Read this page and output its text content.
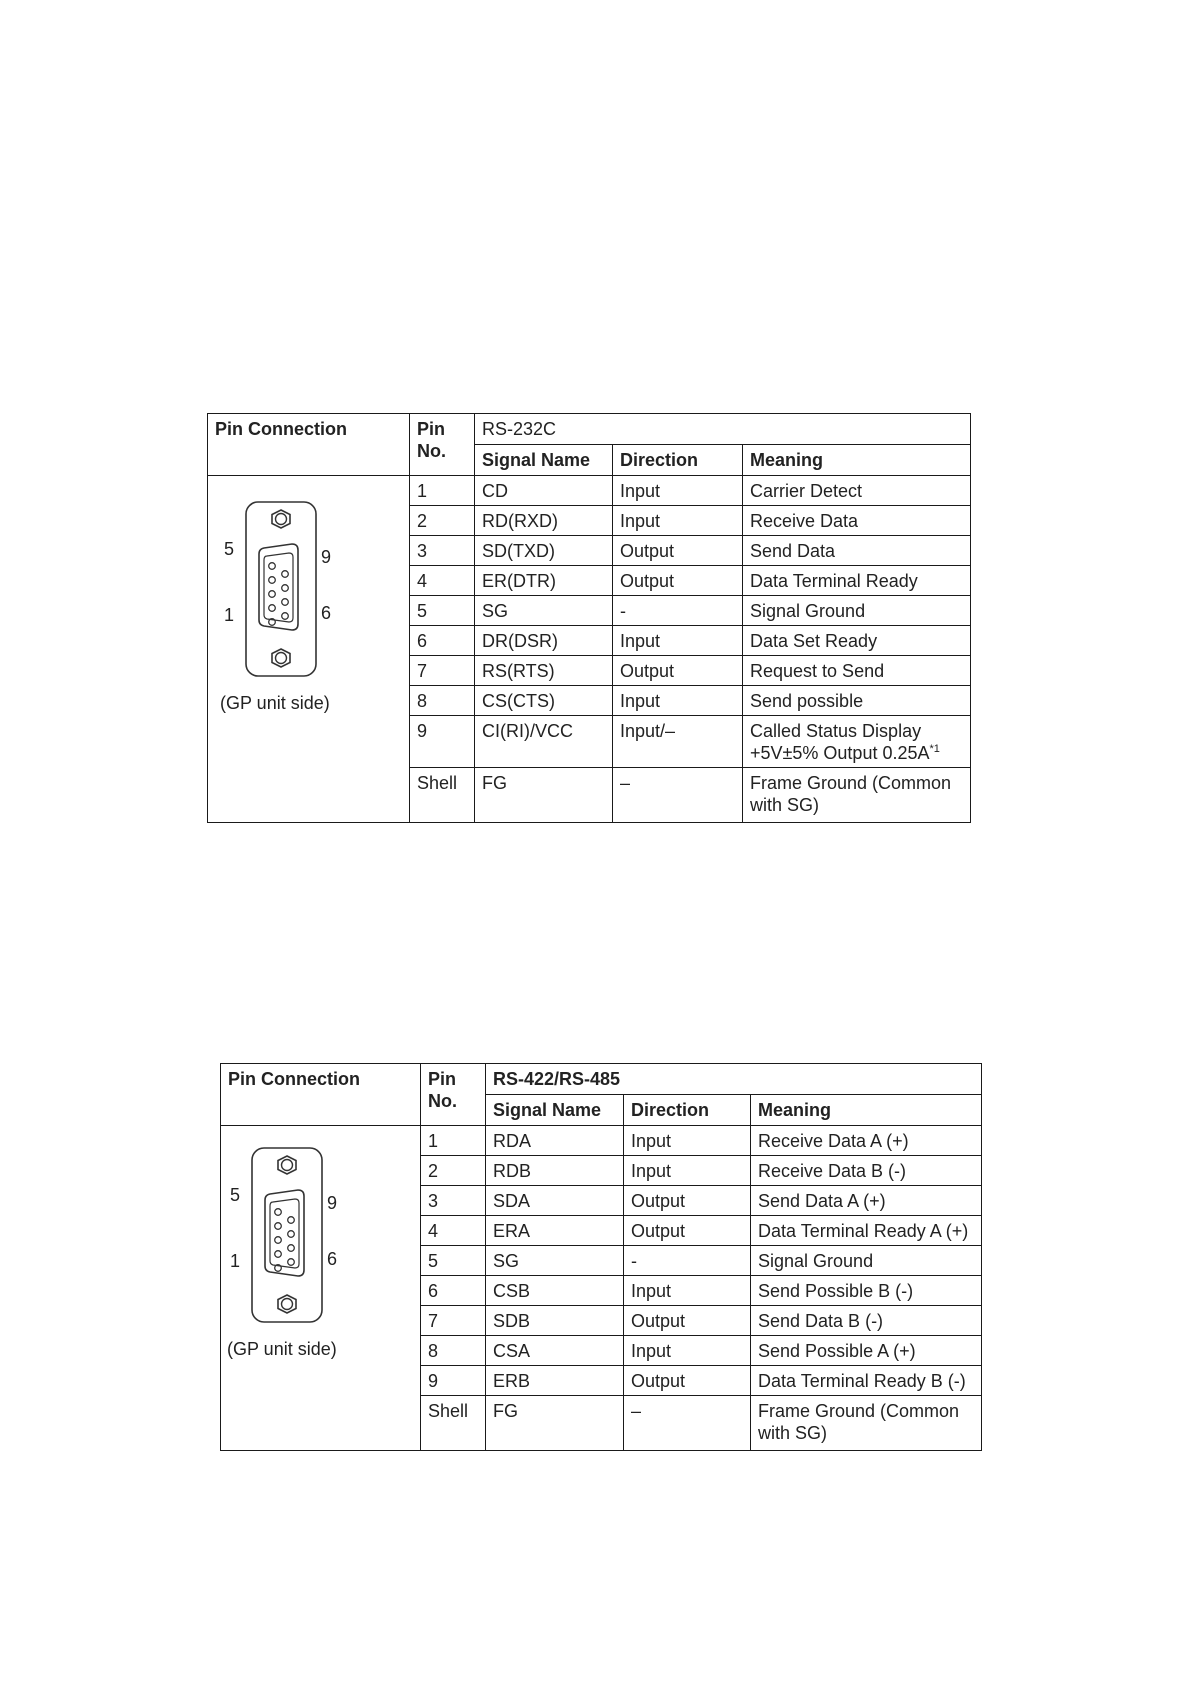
Pin Connection	Pin No.	RS-232C		
		Signal Name	Direction	Meaning

5 9
1 6
(GP unit side)	1	CD	Input	Carrier Detect
	2	RD(RXD)	Input	Receive Data
	3	SD(TXD)	Output	Send Data
	4	ER(DTR)	Output	Data Terminal Ready
	5	SG	-	Signal Ground
	6	DR(DSR)	Input	Data Set Ready
	7	RS(RTS)	Output	Request to Send
	8	CS(CTS)	Input	Send possible
	9	CI(RI)/VCC	Input/–	Called Status Display
+5V±5% Output $0.25A^{*1}$
	Shell	FG	–	Frame Ground (Common with SG)
Pin Connection	Pin No.	RS-422/RS-485		
		Signal Name	Direction	Meaning

5 9
1 6
(GP unit side)	1	RDA	Input	Receive Data A (+)
	2	RDB	Input	Receive Data B (-)
	3	SDA	Output	Send Data A (+)
	4	ERA	Output	Data Terminal Ready A (+)
	5	SG	-	Signal Ground
	6	CSB	Input	Send Possible B (-)
	7	SDB	Output	Send Data B (-)
	8	CSA	Input	Send Possible A (+)
	9	ERB	Output	Data Terminal Ready B (-)
	Shell	FG	–	Frame Ground (Common with SG)
